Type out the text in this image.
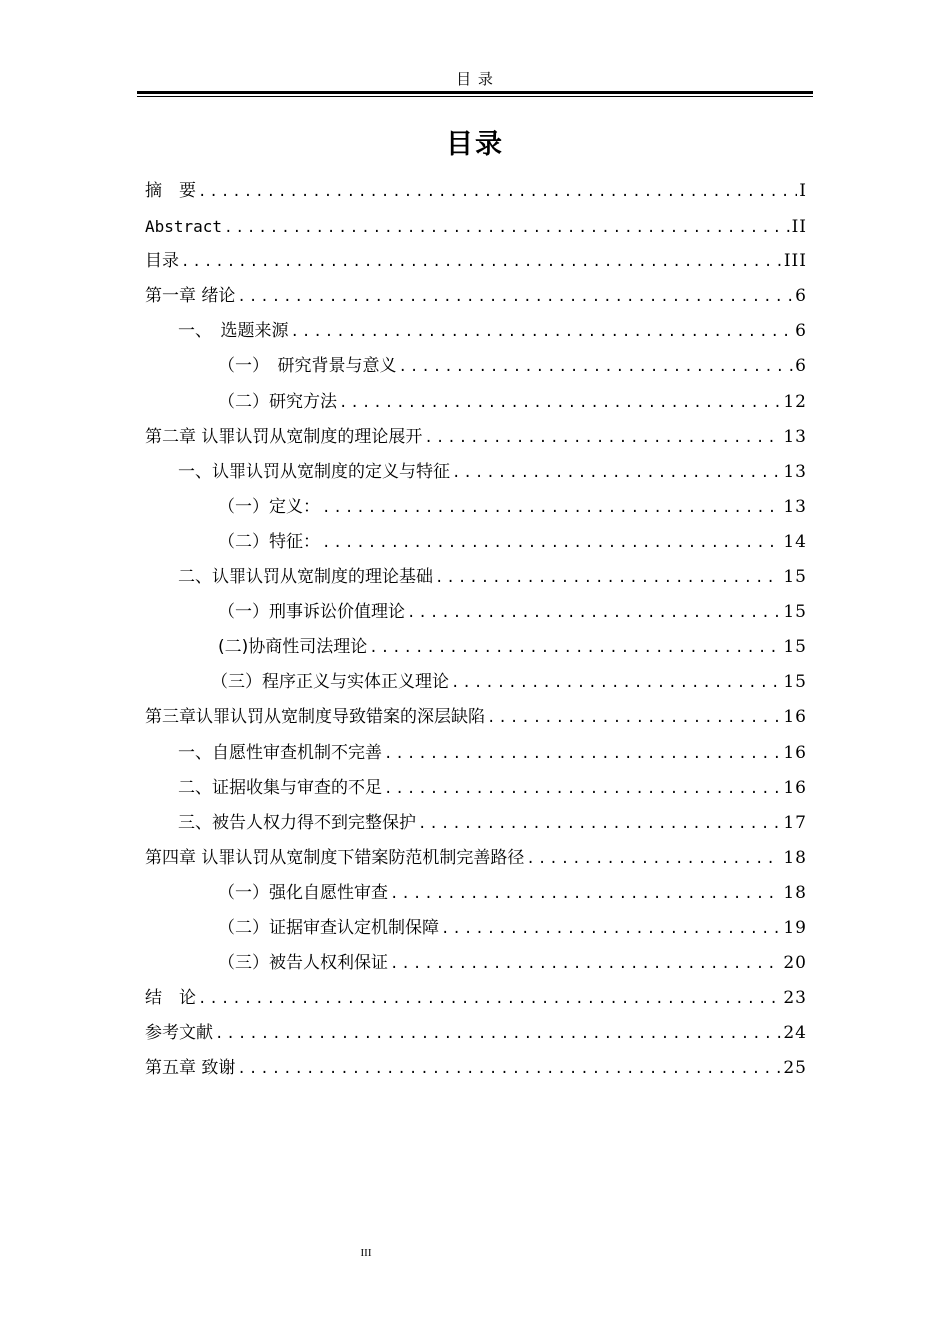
目 录
目录
摘　要 .....	I
Abstract .....	II
目录 .....	III
第一章 绪论 .....	6
一、　选题来源 .....	6
（一）　研究背景与意义 .....	6
（二）研究方法 .....	12
第二章 认罪认罚从宽制度的理论展开 .....	13
一、认罪认罚从宽制度的定义与特征 .....	13
（一）定义： .....	13
（二）特征： .....	14
二、认罪认罚从宽制度的理论基础 .....	15
（一）刑事诉讼价值理论 .....	15
(二)协商性司法理论 .....	15
（三）程序正义与实体正义理论 .....	15
第三章认罪认罚从宽制度导致错案的深层缺陷 .....	16
一、自愿性审查机制不完善 .....	16
二、证据收集与审查的不足 .....	16
三、被告人权力得不到完整保护 .....	17
第四章 认罪认罚从宽制度下错案防范机制完善路径 .....	18
（一）强化自愿性审查 .....	18
（二）证据审查认定机制保障 .....	19
（三）被告人权利保证 .....	20
结　论 .....	23
参考文献 .....	24
第五章 致谢 .....	25
III
